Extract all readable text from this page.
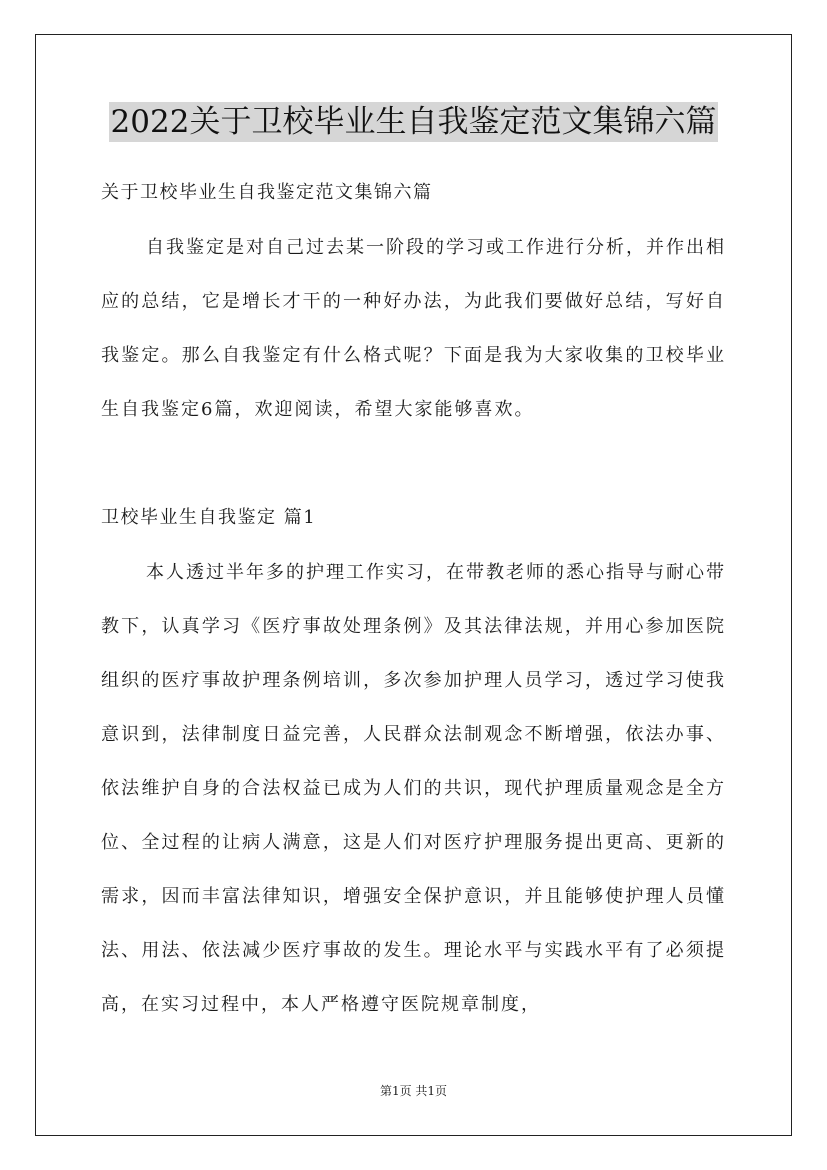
2022关于卫校毕业生自我鉴定范文集锦六篇
关于卫校毕业生自我鉴定范文集锦六篇

自我鉴定是对自己过去某一阶段的学习或工作进行分析，并作出相应的总结，它是增长才干的一种好办法，为此我们要做好总结，写好自我鉴定。那么自我鉴定有什么格式呢？下面是我为大家收集的卫校毕业生自我鉴定6篇，欢迎阅读，希望大家能够喜欢。

卫校毕业生自我鉴定 篇1

本人透过半年多的护理工作实习，在带教老师的悉心指导与耐心带教下，认真学习《医疗事故处理条例》及其法律法规，并用心参加医院组织的医疗事故护理条例培训，多次参加护理人员学习，透过学习使我意识到，法律制度日益完善，人民群众法制观念不断增强，依法办事、依法维护自身的合法权益已成为人们的共识，现代护理质量观念是全方位、全过程的让病人满意，这是人们对医疗护理服务提出更高、更新的需求，因而丰富法律知识，增强安全保护意识，并且能够使护理人员懂法、用法、依法减少医疗事故的发生。理论水平与实践水平有了必须提高，在实习过程中，本人严格遵守医院规章制度，

第1页 共1页
